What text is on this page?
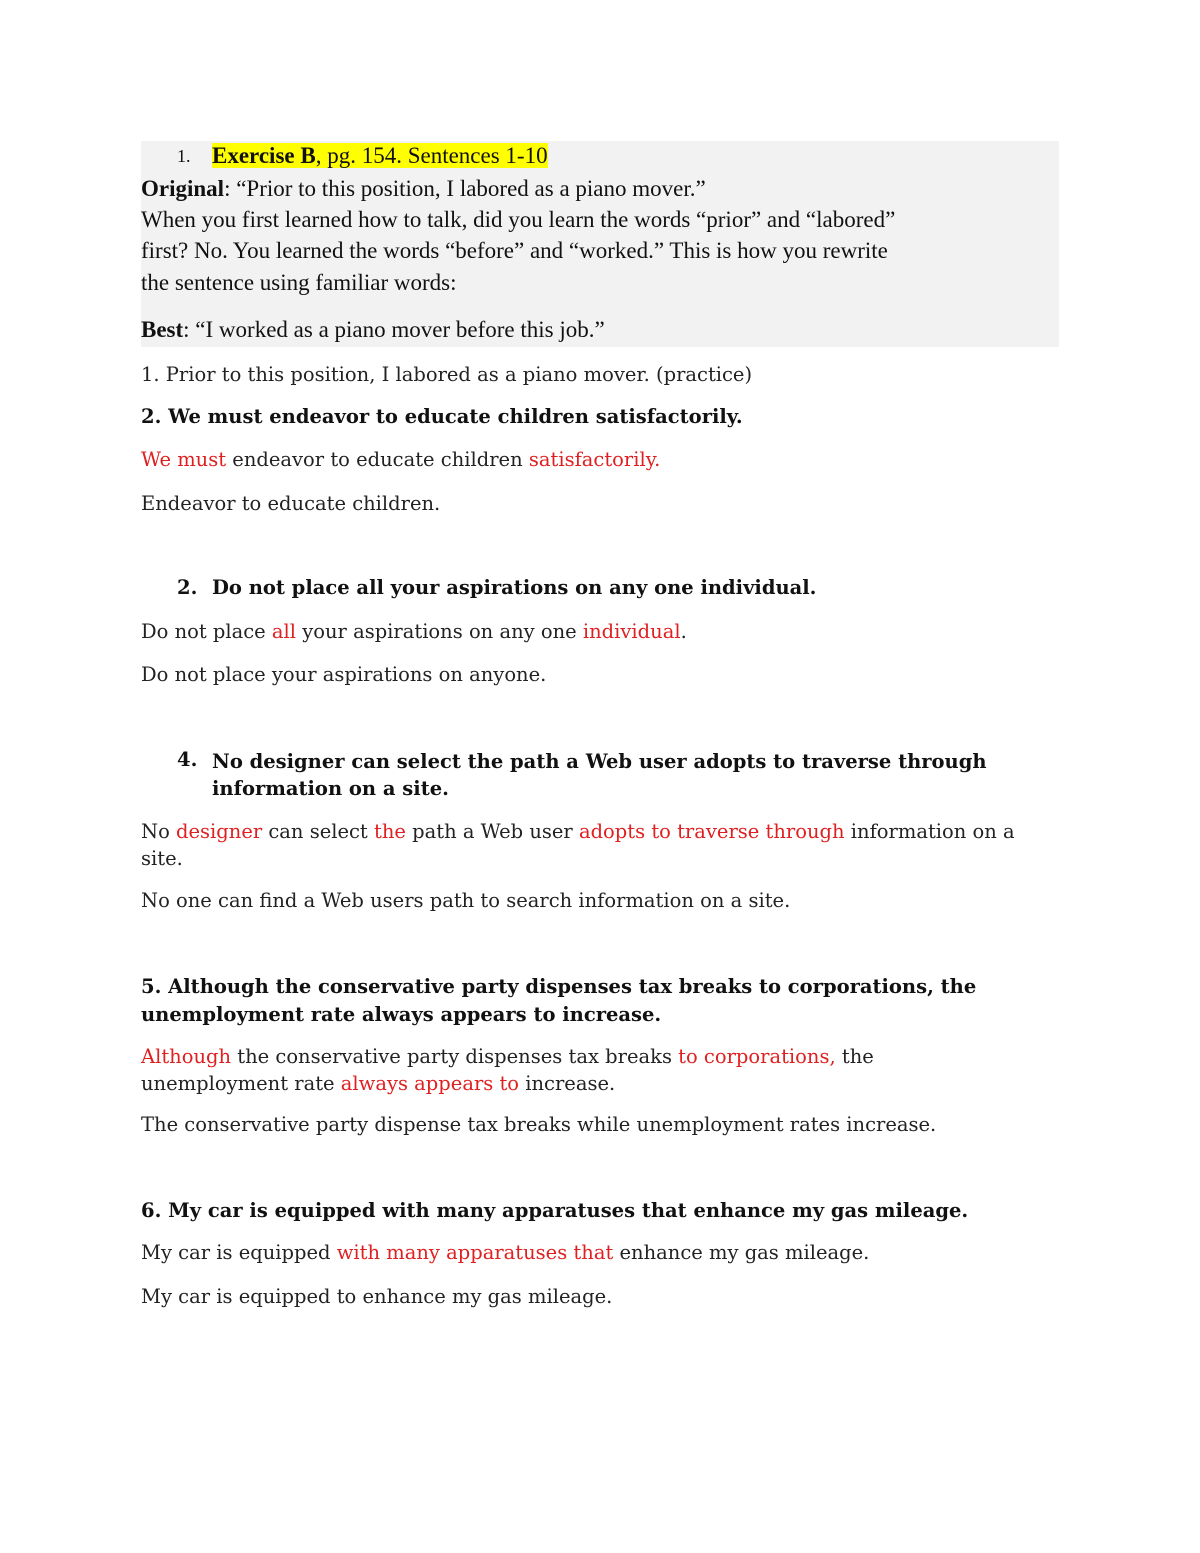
1. Exercise B, pg. 154. Sentences 1-10
Original: “Prior to this position, I labored as a piano mover.”
When you first learned how to talk, did you learn the words “prior” and “labored”
first? No. You learned the words “before” and “worked.” This is how you rewrite
the sentence using familiar words:
Best: “I worked as a piano mover before this job.”
1. Prior to this position, I labored as a piano mover. (practice)
2. We must endeavor to educate children satisfactorily.
We must endeavor to educate children satisfactorily.
Endeavor to educate children.
2. Do not place all your aspirations on any one individual.
Do not place all your aspirations on any one individual.
Do not place your aspirations on anyone.
4. No designer can select the path a Web user adopts to traverse through information on a site.
No designer can select the path a Web user adopts to traverse through information on a site.
No one can find a Web users path to search information on a site.
5. Although the conservative party dispenses tax breaks to corporations, the unemployment rate always appears to increase.
Although the conservative party dispenses tax breaks to corporations, the unemployment rate always appears to increase.
The conservative party dispense tax breaks while unemployment rates increase.
6. My car is equipped with many apparatuses that enhance my gas mileage.
My car is equipped with many apparatuses that enhance my gas mileage.
My car is equipped to enhance my gas mileage.
